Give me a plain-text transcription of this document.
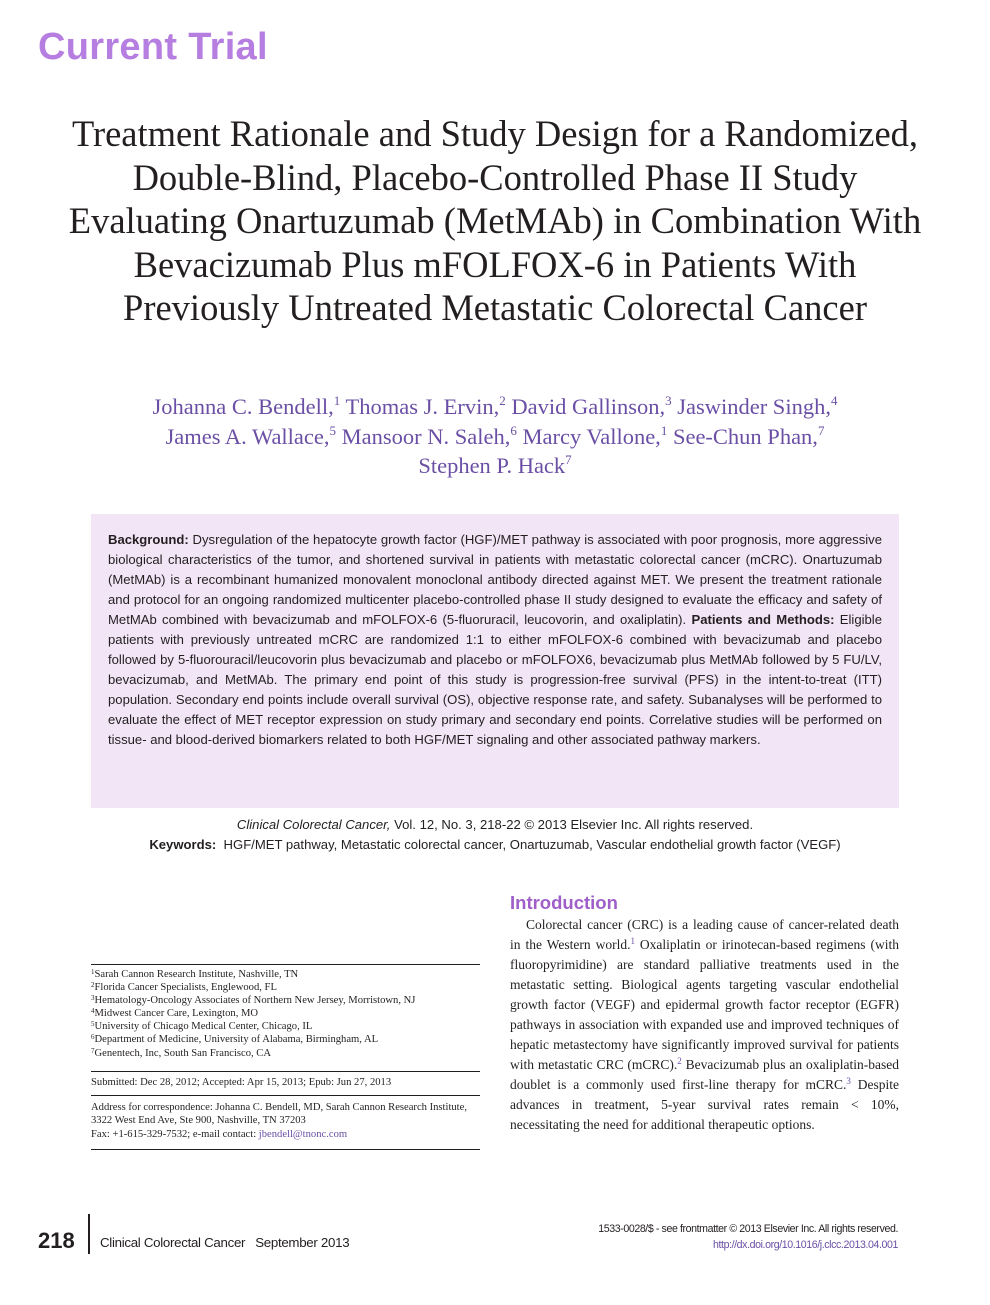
Current Trial
Treatment Rationale and Study Design for a Randomized, Double-Blind, Placebo-Controlled Phase II Study Evaluating Onartuzumab (MetMAb) in Combination With Bevacizumab Plus mFOLFOX-6 in Patients With Previously Untreated Metastatic Colorectal Cancer
Johanna C. Bendell,$^1$ Thomas J. Ervin,$^2$ David Gallinson,$^3$ Jaswinder Singh,$^4$
James A. Wallace,$^5$ Mansoor N. Saleh,$^6$ Marcy Vallone,$^1$ See-Chun Phan,$^7$
Stephen P. Hack$^7$
Background: Dysregulation of the hepatocyte growth factor (HGF)/MET pathway is associated with poor prognosis, more aggressive biological characteristics of the tumor, and shortened survival in patients with metastatic colorectal cancer (mCRC). Onartuzumab (MetMAb) is a recombinant humanized monovalent monoclonal antibody directed against MET. We present the treatment rationale and protocol for an ongoing randomized multicenter placebo-controlled phase II study designed to evaluate the efficacy and safety of MetMAb combined with bevacizumab and mFOLFOX-6 (5-fluoruracil, leucovorin, and oxaliplatin). Patients and Methods: Eligible patients with previously untreated mCRC are randomized 1:1 to either mFOLFOX-6 combined with bevacizumab and placebo followed by 5-fluorouracil/leucovorin plus bevacizumab and placebo or mFOLFOX6, bevacizumab plus MetMAb followed by 5 FU/LV, bevacizumab, and MetMAb. The primary end point of this study is progression-free survival (PFS) in the intent-to-treat (ITT) population. Secondary end points include overall survival (OS), objective response rate, and safety. Subanalyses will be performed to evaluate the effect of MET receptor expression on study primary and secondary end points. Correlative studies will be performed on tissue- and blood-derived biomarkers related to both HGF/MET signaling and other associated pathway markers.
Clinical Colorectal Cancer, Vol. 12, No. 3, 218-22 © 2013 Elsevier Inc. All rights reserved.
Keywords: HGF/MET pathway, Metastatic colorectal cancer, Onartuzumab, Vascular endothelial growth factor (VEGF)
Introduction

Colorectal cancer (CRC) is a leading cause of cancer-related death in the Western world.$^1$ Oxaliplatin or irinotecan-based regimens (with fluoropyrimidine) are standard palliative treatments used in the metastatic setting. Biological agents targeting vascular endothelial growth factor (VEGF) and epidermal growth factor receptor (EGFR) pathways in association with expanded use and improved techniques of hepatic metastectomy have significantly improved survival for patients with metastatic CRC (mCRC).$^2$ Bevacizumab plus an oxaliplatin-based doublet is a commonly used first-line therapy for mCRC.$^3$ Despite advances in treatment, 5-year survival rates remain < 10%, necessitating the need for additional therapeutic options.

$^1$Sarah Cannon Research Institute, Nashville, TN
$^2$Florida Cancer Specialists, Englewood, FL
$^3$Hematology-Oncology Associates of Northern New Jersey, Morristown, NJ
$^4$Midwest Cancer Care, Lexington, MO
$^5$University of Chicago Medical Center, Chicago, IL
$^6$Department of Medicine, University of Alabama, Birmingham, AL
$^7$Genentech, Inc, South San Francisco, CA
Submitted: Dec 28, 2012; Accepted: Apr 15, 2013; Epub: Jun 27, 2013
Address for correspondence: Johanna C. Bendell, MD, Sarah Cannon Research Institute, 3322 West End Ave, Ste 900, Nashville, TN 37203
Fax: +1-615-329-7532; e-mail contact: jbendell@tnonc.com
218 Clinical Colorectal Cancer September 2013
1533-0028/$ - see frontmatter © 2013 Elsevier Inc. All rights reserved.
http://dx.doi.org/10.1016/j.clcc.2013.04.001
